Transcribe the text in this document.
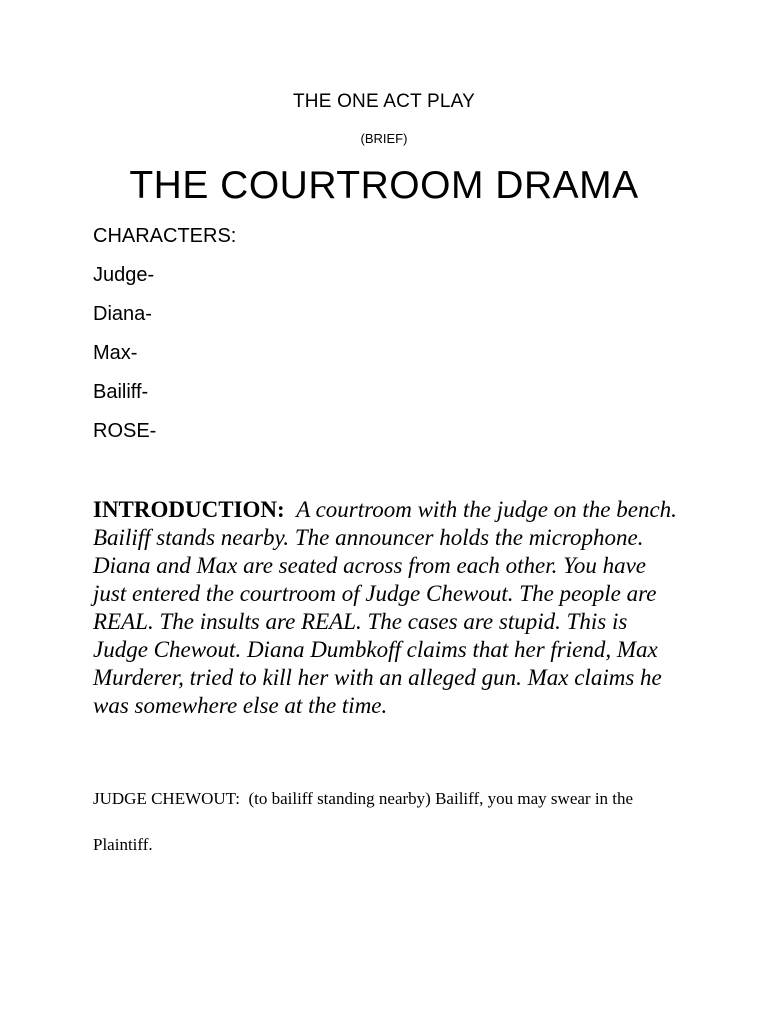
THE ONE ACT PLAY
(BRIEF)
THE COURTROOM DRAMA
CHARACTERS:
Judge-
Diana-
Max-
Bailiff-
ROSE-

INTRODUCTION: A courtroom with the judge on the bench. Bailiff stands nearby. The announcer holds the microphone. Diana and Max are seated across from each other. You have just entered the courtroom of Judge Chewout. The people are REAL. The insults are REAL. The cases are stupid. This is Judge Chewout. Diana Dumbkoff claims that her friend, Max Murderer, tried to kill her with an alleged gun. Max claims he was somewhere else at the time.

JUDGE CHEWOUT: (to bailiff standing nearby) Bailiff, you may swear in the Plaintiff.
